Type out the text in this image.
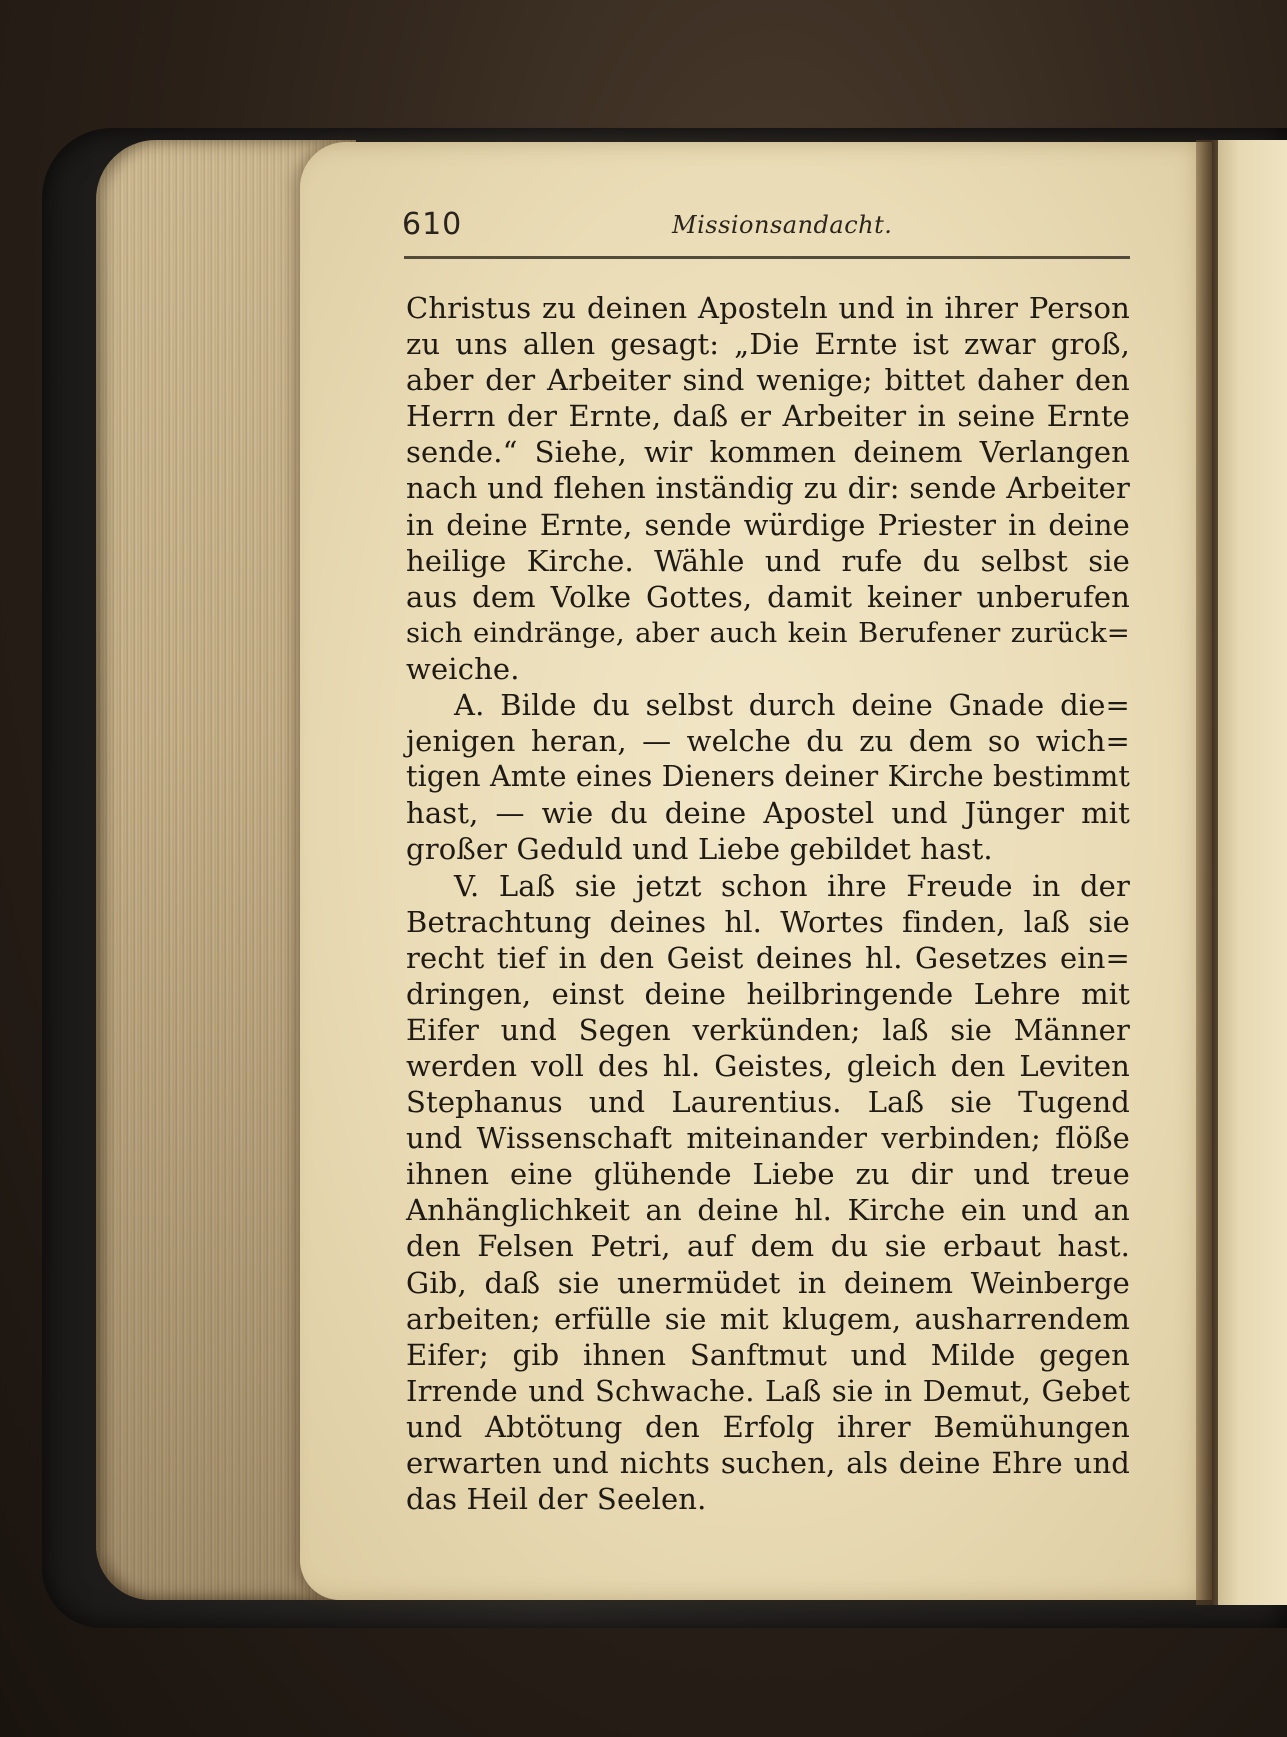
610	Missionsandacht.
Christus zu deinen Aposteln und in ihrer Person
zu uns allen gesagt: „Die Ernte ist zwar groß,
aber der Arbeiter sind wenige; bittet daher den
Herrn der Ernte, daß er Arbeiter in seine Ernte
sende.“ Siehe, wir kommen deinem Verlangen
nach und flehen inständig zu dir: sende Arbeiter
in deine Ernte, sende würdige Priester in deine
heilige Kirche. Wähle und rufe du selbst sie
aus dem Volke Gottes, damit keiner unberufen
sich eindränge, aber auch kein Berufener zurück=
weiche.
A. Bilde du selbst durch deine Gnade die=
jenigen heran, — welche du zu dem so wich=
tigen Amte eines Dieners deiner Kirche bestimmt
hast, — wie du deine Apostel und Jünger mit
großer Geduld und Liebe gebildet hast.
V. Laß sie jetzt schon ihre Freude in der
Betrachtung deines hl. Wortes finden, laß sie
recht tief in den Geist deines hl. Gesetzes ein=
dringen, einst deine heilbringende Lehre mit
Eifer und Segen verkünden; laß sie Männer
werden voll des hl. Geistes, gleich den Leviten
Stephanus und Laurentius. Laß sie Tugend
und Wissenschaft miteinander verbinden; flöße
ihnen eine glühende Liebe zu dir und treue
Anhänglichkeit an deine hl. Kirche ein und an
den Felsen Petri, auf dem du sie erbaut hast.
Gib, daß sie unermüdet in deinem Weinberge
arbeiten; erfülle sie mit klugem, ausharrendem
Eifer; gib ihnen Sanftmut und Milde gegen
Irrende und Schwache. Laß sie in Demut, Gebet
und Abtötung den Erfolg ihrer Bemühungen
erwarten und nichts suchen, als deine Ehre und
das Heil der Seelen.
